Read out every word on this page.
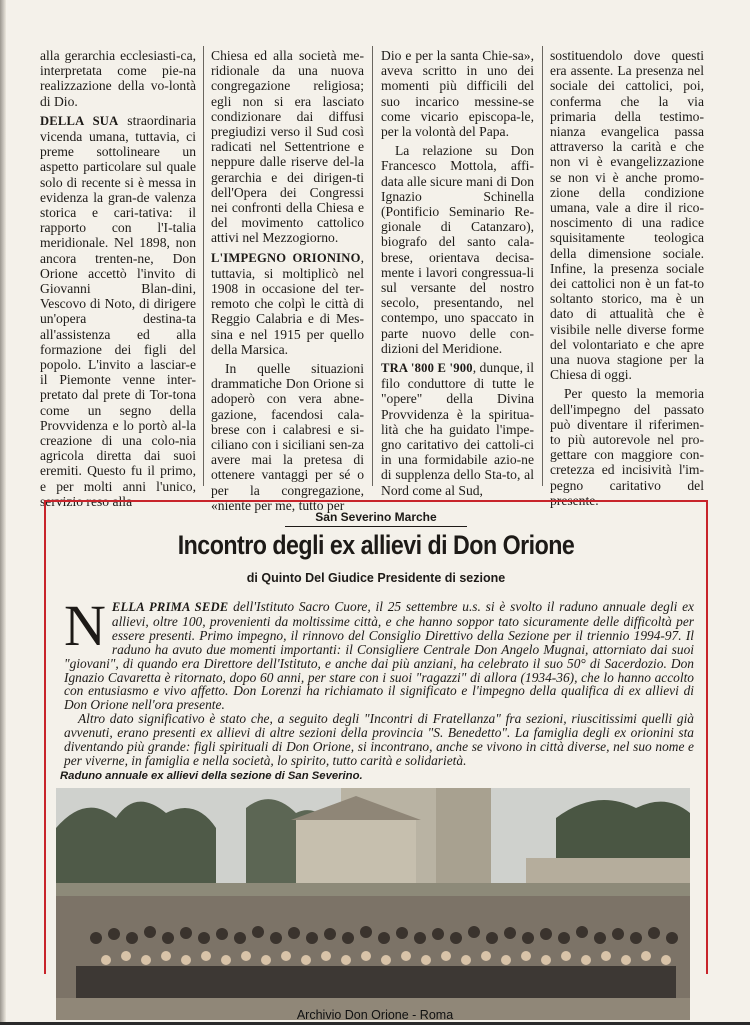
alla gerarchia ecclesiasti-ca, interpretata come pie-na realizzazione della vo-lontà di Dio.

DELLA SUA straordinaria vicenda umana, tuttavia, ci preme sottolineare un aspetto particolare sul quale solo di recente si è messa in evidenza la gran-de valenza storica e cari-tativa: il rapporto con l'I-talia meridionale. Nel 1898, non ancora trenten-ne, Don Orione accettò l'invito di Giovanni Blan-dini, Vescovo di Noto, di dirigere un'opera destina-ta all'assistenza ed alla formazione dei figli del popolo. L'invito a lasciar-e il Piemonte venne inter-pretato dal prete di Tor-tona come un segno della Provvidenza e lo portò al-la creazione di una colo-nia agricola diretta dai suoi eremiti. Questo fu il primo, e per molti anni l'unico, servizio reso alla

Chiesa ed alla società me-ridionale da una nuova congregazione religiosa; egli non si era lasciato condizionare dai diffusi pregiudizi verso il Sud così radicati nel Settentrione e neppure dalle riserve del-la gerarchia e dei dirigen-ti dell'Opera dei Congressi nei confronti della Chiesa e del movimento cattolico attivi nel Mezzogiorno.

L'IMPEGNO ORIONINO, tuttavia, si moltiplicò nel 1908 in occasione del ter-remoto che colpì le città di Reggio Calabria e di Mes-sina e nel 1915 per quello della Marsica.

In quelle situazioni drammatiche Don Orione si adoperò con vera abne-gazione, facendosi cala-brese con i calabresi e si-ciliano con i siciliani sen-za avere mai la pretesa di ottenere vantaggi per sé o per la congregazione, «niente per me, tutto per

Dio e per la santa Chie-sa», aveva scritto in uno dei momenti più difficili del suo incarico messine-se come vicario episcopa-le, per la volontà del Papa.

La relazione su Don Francesco Mottola, affi-data alle sicure mani di Don Ignazio Schinella (Pontificio Seminario Re-gionale di Catanzaro), biografo del santo cala-brese, orientava decisa-mente i lavori congressua-li sul versante del nostro secolo, presentando, nel contempo, uno spaccato in parte nuovo delle con-dizioni del Meridione.

TRA '800 E '900, dunque, il filo conduttore di tutte le "opere" della Divina Provvidenza è la spiritua-lità che ha guidato l'impe-gno caritativo dei cattoli-ci in una formidabile azio-ne di supplenza dello Sta-to, al Nord come al Sud,

sostituendolo dove questi era assente. La presenza nel sociale dei cattolici, poi, conferma che la via primaria della testimo-nianza evangelica passa attraverso la carità e che non vi è evangelizzazione se non vi è anche promo-zione della condizione umana, vale a dire il rico-noscimento di una radice squisitamente teologica della dimensione sociale. Infine, la presenza sociale dei cattolici non è un fat-to soltanto storico, ma è un dato di attualità che è visibile nelle diverse forme del volontariato e che apre una nuova stagione per la Chiesa di oggi.

Per questo la memoria dell'impegno del passato può diventare il riferimen-to più autorevole nel pro-gettare con maggiore con-cretezza ed incisività l'im-pegno caritativo del presente.

San Severino Marche
Incontro degli ex allievi di Don Orione
di Quinto Del Giudice Presidente di sezione

NELLA PRIMA SEDE dell'Istituto Sacro Cuore, il 25 settembre u.s. si è svolto il raduno annuale degli ex allievi, oltre 100, provenienti da moltissime città, e che hanno soppor tato sicuramente delle difficoltà per essere presenti. Primo impegno, il rinnovo del Consiglio Direttivo della Sezione per il triennio 1994-97. Il raduno ha avuto due momenti importanti: il Consigliere Centrale Don Angelo Mugnai, attorniato dai suoi "giovani", di quando era Direttore dell'Istituto, e anche dai più anziani, ha celebrato il suo 50° di Sacerdozio. Don Ignazio Cavaretta è ritornato, dopo 60 anni, per stare con i suoi "ragazzi" di allora (1934-36), che lo hanno accolto con entusiasmo e vivo affetto. Don Lorenzi ha richiamato il significato e l'impegno della qualifica di ex allievi di Don Orione nell'ora presente.

Altro dato significativo è stato che, a seguito degli "Incontri di Fratellanza" fra sezioni, riuscitissimi quelli già avvenuti, erano presenti ex allievi di altre sezioni della provincia "S. Benedetto". La famiglia degli ex orionini sta diventando più grande: figli spirituali di Don Orione, si incontrano, anche se vivono in città diverse, nel suo nome e per viverne, in famiglia e nella società, lo spirito, tutto carità e solidarietà.

Raduno annuale ex allievi della sezione di San Severino.
Archivio Don Orione - Roma
